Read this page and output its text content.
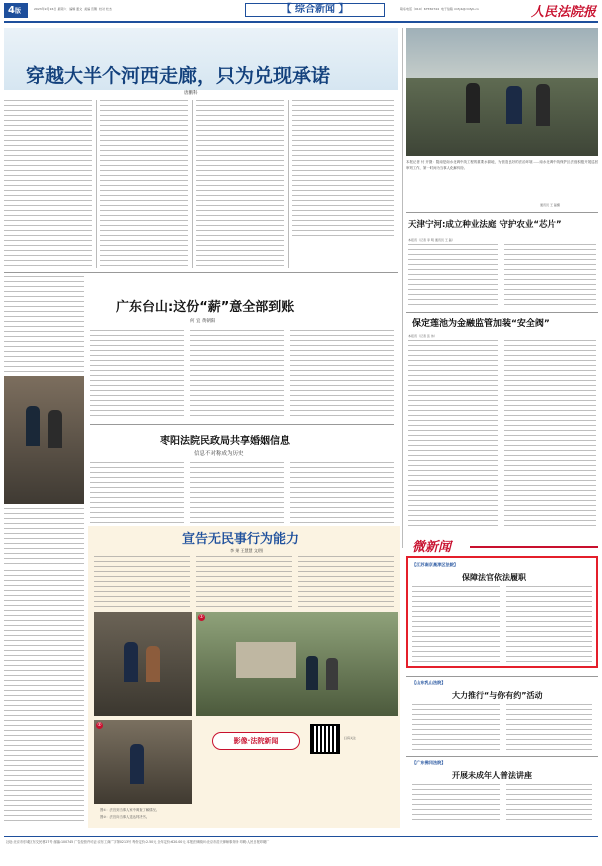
4版	2023年9月16日 星期六 编辑 董文 美编 范馨 校对 杜杰	【 综合新闻 】	联系电话（010）67550744 电子信箱 rmfyb@rmfyb.cn	人民法院报
穿越大半个河西走廊，只为兑现承诺
唐鹏科
本报记者 付 开摄：陇南是南水北调中线工程的重要水源地，为营造良好的法治环境……南水北调中线保护区法庭积极开展巡回审判工作，第一时间为当事人化解纠纷。
通讯员 王 磊摄
天津宁河:成立种业法庭 守护农业“芯片”
本报讯（记者 李 明 通讯员 王 磊）
保定莲池为金融监管加装“安全阀”
本报讯（记者 张 伟）
广东台山:这份“薪”意全部到账
何 宜 黄朝阳
枣阳法院民政局共享婚姻信息
信息不对称成为历史
宣告无民事行为能力
李 果 王慧慧 文/图
①
②
影像·法院新闻	扫码关注
图①：法官到当事人家中调查了解情况。
图②：法官向当事人送达判决书。
微新闻
【江苏南京高淳区法院】
保障法官依法履职
【山东乳山法院】
大力推行“与你有约”活动
【广东佛冈法院】
开展未成年人普法讲座
社址:北京市东城区东交民巷27号 邮编:100745 广告经营许可证:京东工商广字第0213号 每份定价:2.50元 全年定价:620.00元 本报法律顾问:北京市浩天律师事务所 印刷:人民日报印刷厂
